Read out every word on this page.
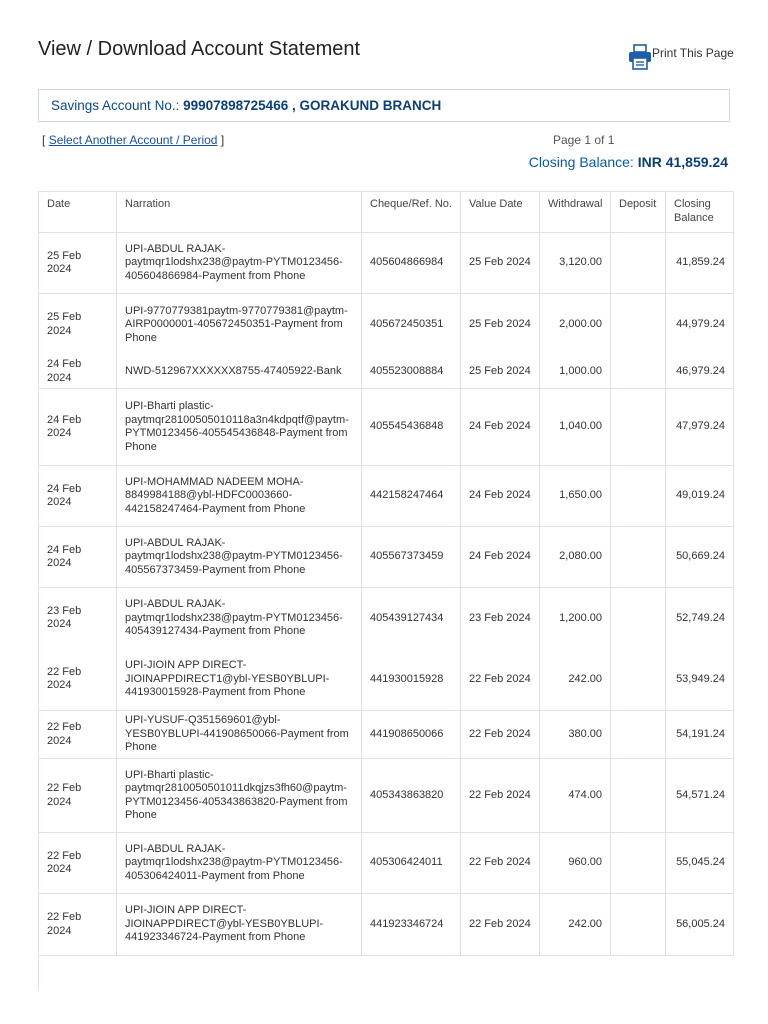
View / Download Account Statement	Print This Page
Savings Account No.: 99907898725466 , GORAKUND BRANCH
[ Select Another Account / Period ]	Page 1 of 1
Closing Balance: INR 41,859.24
Date	Narration	Cheque/Ref. No.	Value Date	Withdrawal	Deposit	Closing Balance
25 Feb 2024	UPI-ABDUL RAJAK-paytmqr1lodshx238@paytm-PYTM0123456-405604866984-Payment from Phone	405604866984	25 Feb 2024	3,120.00		41,859.24
25 Feb 2024	UPI-9770779381paytm-9770779381@paytm-AIRP0000001-405672450351-Payment from Phone	405672450351	25 Feb 2024	2,000.00		44,979.24
24 Feb 2024	NWD-512967XXXXXX8755-47405922-Bank	405523008884	25 Feb 2024	1,000.00		46,979.24
24 Feb 2024	UPI-Bharti plastic-paytmqr28100505010118a3n4kdpqtf@paytm-PYTM0123456-405545436848-Payment from Phone	405545436848	24 Feb 2024	1,040.00		47,979.24
24 Feb 2024	UPI-MOHAMMAD NADEEM MOHA-8849984188@ybl-HDFC0003660-442158247464-Payment from Phone	442158247464	24 Feb 2024	1,650.00		49,019.24
24 Feb 2024	UPI-ABDUL RAJAK-paytmqr1lodshx238@paytm-PYTM0123456-405567373459-Payment from Phone	405567373459	24 Feb 2024	2,080.00		50,669.24
23 Feb 2024	UPI-ABDUL RAJAK-paytmqr1lodshx238@paytm-PYTM0123456-405439127434-Payment from Phone	405439127434	23 Feb 2024	1,200.00		52,749.24
22 Feb 2024	UPI-JIOIN APP DIRECT-JIOINAPPDIRECT1@ybl-YESB0YBLUPI-441930015928-Payment from Phone	441930015928	22 Feb 2024	242.00		53,949.24
22 Feb 2024	UPI-YUSUF-Q351569601@ybl-YESB0YBLUPI-441908650066-Payment from Phone	441908650066	22 Feb 2024	380.00		54,191.24
22 Feb 2024	UPI-Bharti plastic-paytmqr2810050501011dkqjzs3fh60@paytm-PYTM0123456-405343863820-Payment from Phone	405343863820	22 Feb 2024	474.00		54,571.24
22 Feb 2024	UPI-ABDUL RAJAK-paytmqr1lodshx238@paytm-PYTM0123456-405306424011-Payment from Phone	405306424011	22 Feb 2024	960.00		55,045.24
22 Feb 2024	UPI-JIOIN APP DIRECT-JIOINAPPDIRECT@ybl-YESB0YBLUPI-441923346724-Payment from Phone	441923346724	22 Feb 2024	242.00		56,005.24
